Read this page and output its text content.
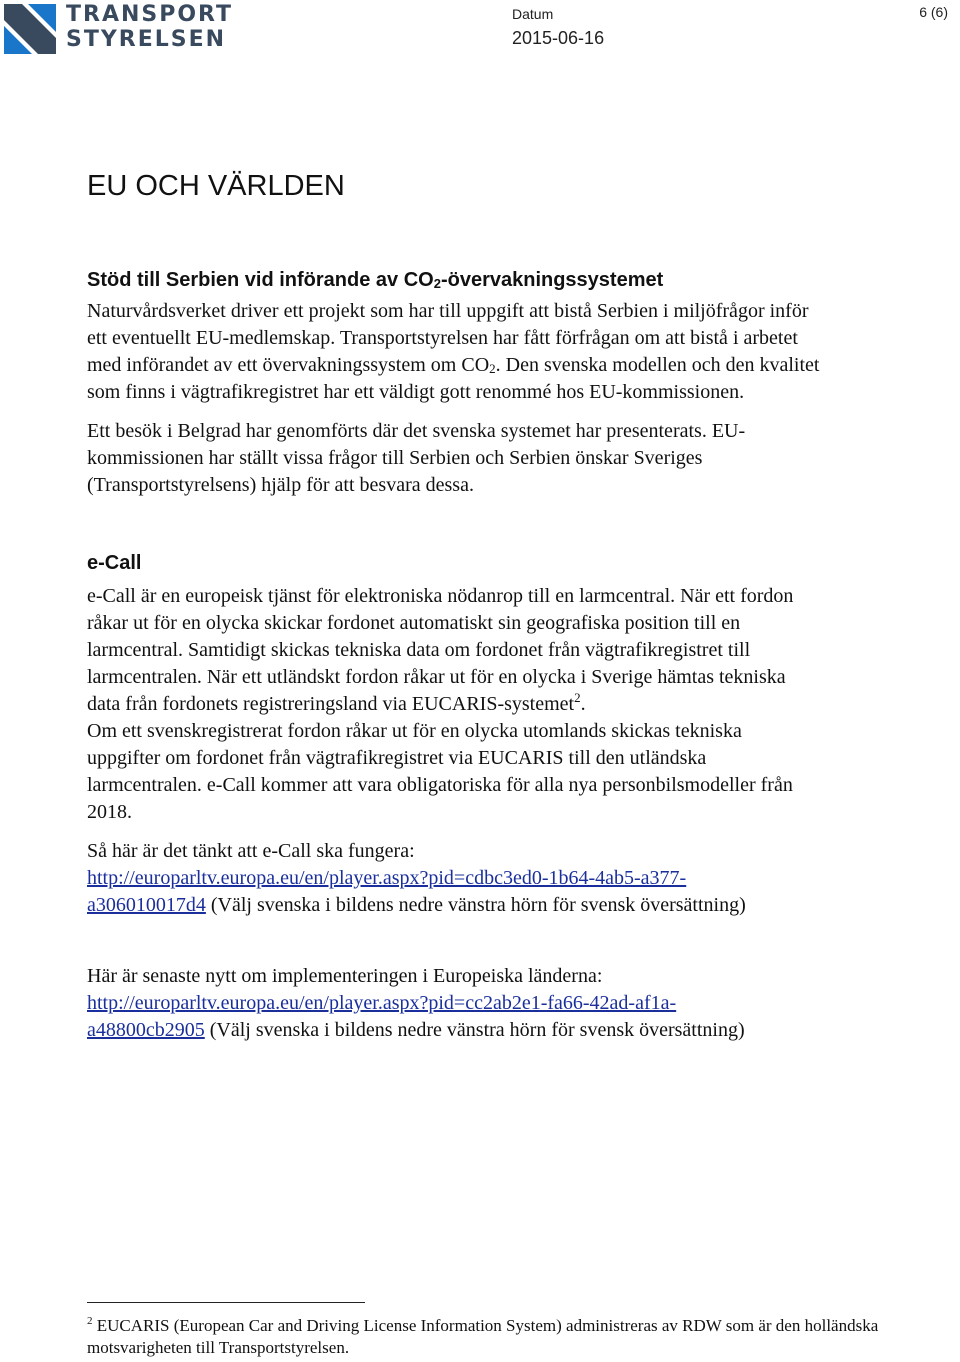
TRANSPORT
STYRELSEN
Datum
2015-06-16
6 (6)
EU OCH VÄRLDEN
Stöd till Serbien vid införande av $CO_2$-övervakningssystemet

Naturvårdsverket driver ett projekt som har till uppgift att bistå Serbien i miljöfrågor inför ett eventuellt EU-medlemskap. Transportstyrelsen har fått förfrågan om att bistå i arbetet med införandet av ett övervakningssystem om $CO_2$. Den svenska modellen och den kvalitet som finns i vägtrafikregistret har ett väldigt gott renommé hos EU-kommissionen.

Ett besök i Belgrad har genomförts där det svenska systemet har presenterats. EU-kommissionen har ställt vissa frågor till Serbien och Serbien önskar Sveriges (Transportstyrelsens) hjälp för att besvara dessa.

e-Call

e-Call är en europeisk tjänst för elektroniska nödanrop till en larmcentral. När ett fordon råkar ut för en olycka skickar fordonet automatiskt sin geografiska position till en larmcentral. Samtidigt skickas tekniska data om fordonet från vägtrafikregistret till larmcentralen. När ett utländskt fordon råkar ut för en olycka i Sverige hämtas tekniska data från fordonets registreringsland via EUCARIS-systemet$^2$.

Om ett svenskregistrerat fordon råkar ut för en olycka utomlands skickas tekniska uppgifter om fordonet från vägtrafikregistret via EUCARIS till den utländska larmcentralen. e-Call kommer att vara obligatoriska för alla nya personbilsmodeller från 2018.

Så här är det tänkt att e-Call ska fungera:

http://europarltv.europa.eu/en/player.aspx?pid=cdbc3ed0-1b64-4ab5-a377-
a306010017d4 (Välj svenska i bildens nedre vänstra hörn för svensk översättning)

Här är senaste nytt om implementeringen i Europeiska länderna:

http://europarltv.europa.eu/en/player.aspx?pid=cc2ab2e1-fa66-42ad-af1a-
a48800cb2905 (Välj svenska i bildens nedre vänstra hörn för svensk översättning)

$^2$ EUCARIS (European Car and Driving License Information System) administreras av RDW som är den holländska motsvarigheten till Transportstyrelsen.
